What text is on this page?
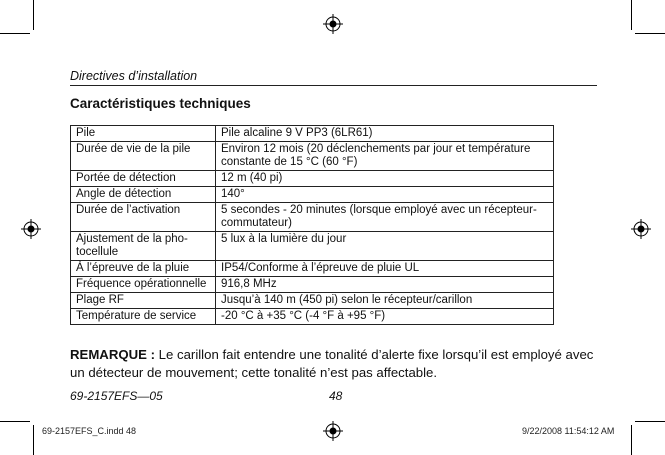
Directives d’installation
Caractéristiques techniques
Pile	Pile alcaline 9 V PP3 (6LR61)
Durée de vie de la pile	Environ 12 mois (20 déclenchements par jour et température constante de 15 °C (60 °F)
Portée de détection	12 m (40 pi)
Angle de détection	140°
Durée de l’activation	5 secondes - 20 minutes (lorsque employé avec un récepteur-commutateur)
Ajustement de la pho-tocellule	5 lux à la lumière du jour
À l’épreuve de la pluie	IP54/Conforme à l’épreuve de pluie UL
Fréquence opérationnelle	916,8 MHz
Plage RF	Jusqu’à 140 m (450 pi) selon le récepteur/carillon
Température de service	-20 °C à +35 °C (-4 °F à +95 °F)
REMARQUE : Le carillon fait entendre une tonalité d’alerte fixe lorsqu’il est employé avec un détecteur de mouvement; cette tonalité n’est pas affectable.
69-2157EFS—05	48
69-2157EFS_C.indd 48	9/22/2008 11:54:12 AM
